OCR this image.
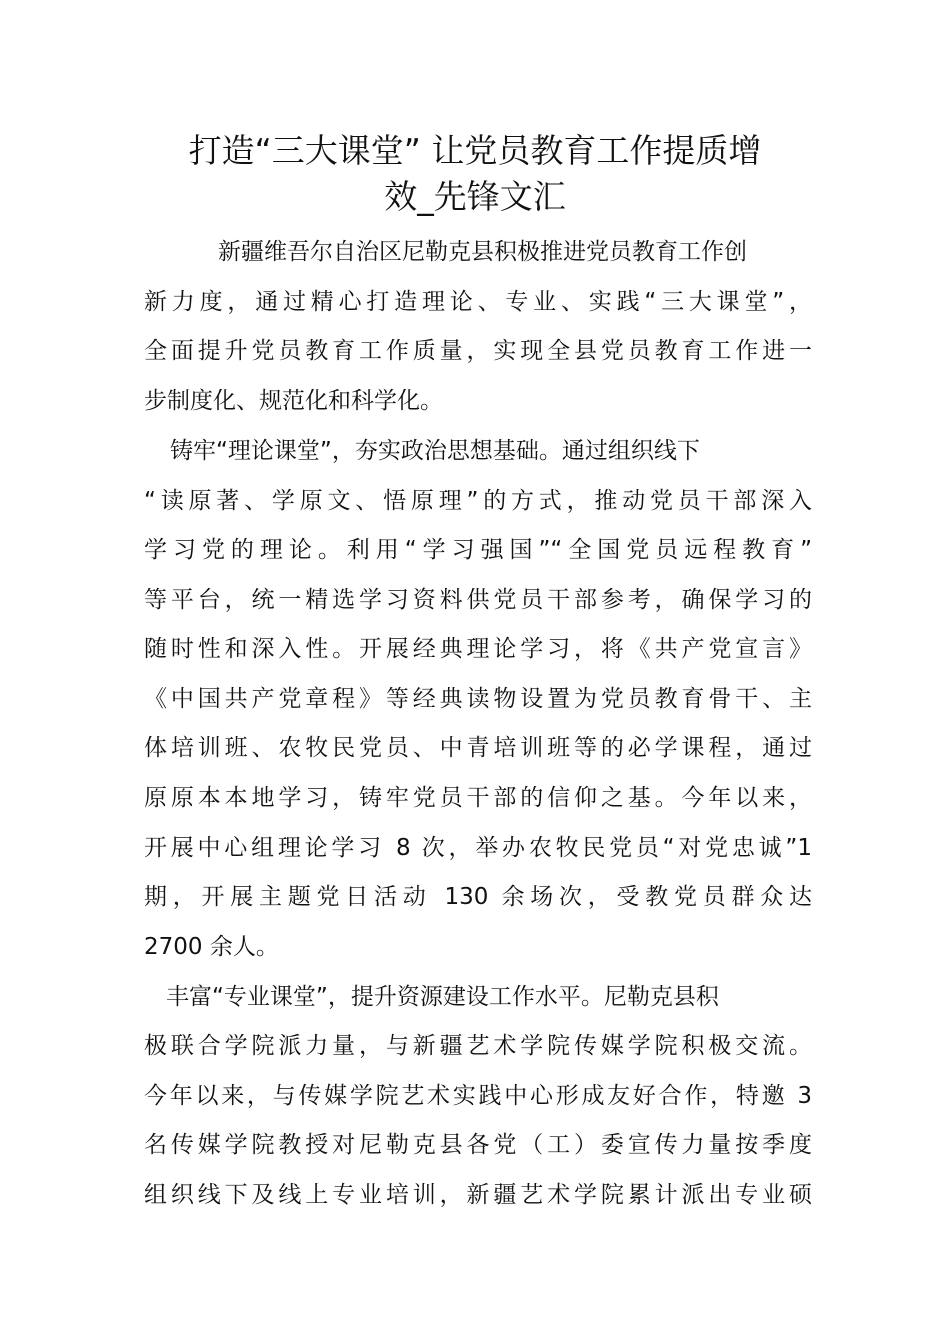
打造“三大课堂” 让党员教育工作提质增
效_先锋文汇

新疆维吾尔自治区尼勒克县积极推进党员教育工作创

新力度，通过精心打造理论、专业、实践“三大课堂”，

全面提升党员教育工作质量，实现全县党员教育工作进一

步制度化、规范化和科学化。

铸牢“理论课堂”，夯实政治思想基础。通过组织线下

“读原著、学原文、悟原理”的方式，推动党员干部深入

学习党的理论。利用“学习强国”“全国党员远程教育”

等平台，统一精选学习资料供党员干部参考，确保学习的

随时性和深入性。开展经典理论学习，将《共产党宣言》

《中国共产党章程》等经典读物设置为党员教育骨干、主

体培训班、农牧民党员、中青培训班等的必学课程，通过

原原本本地学习，铸牢党员干部的信仰之基。今年以来，

开展中心组理论学习 8 次，举办农牧民党员“对党忠诚”1

期，开展主题党日活动 130 余场次，受教党员群众达

2700 余人。

丰富“专业课堂”，提升资源建设工作水平。尼勒克县积

极联合学院派力量，与新疆艺术学院传媒学院积极交流。

今年以来，与传媒学院艺术实践中心形成友好合作，特邀 3

名传媒学院教授对尼勒克县各党（工）委宣传力量按季度

组织线下及线上专业培训，新疆艺术学院累计派出专业硕
